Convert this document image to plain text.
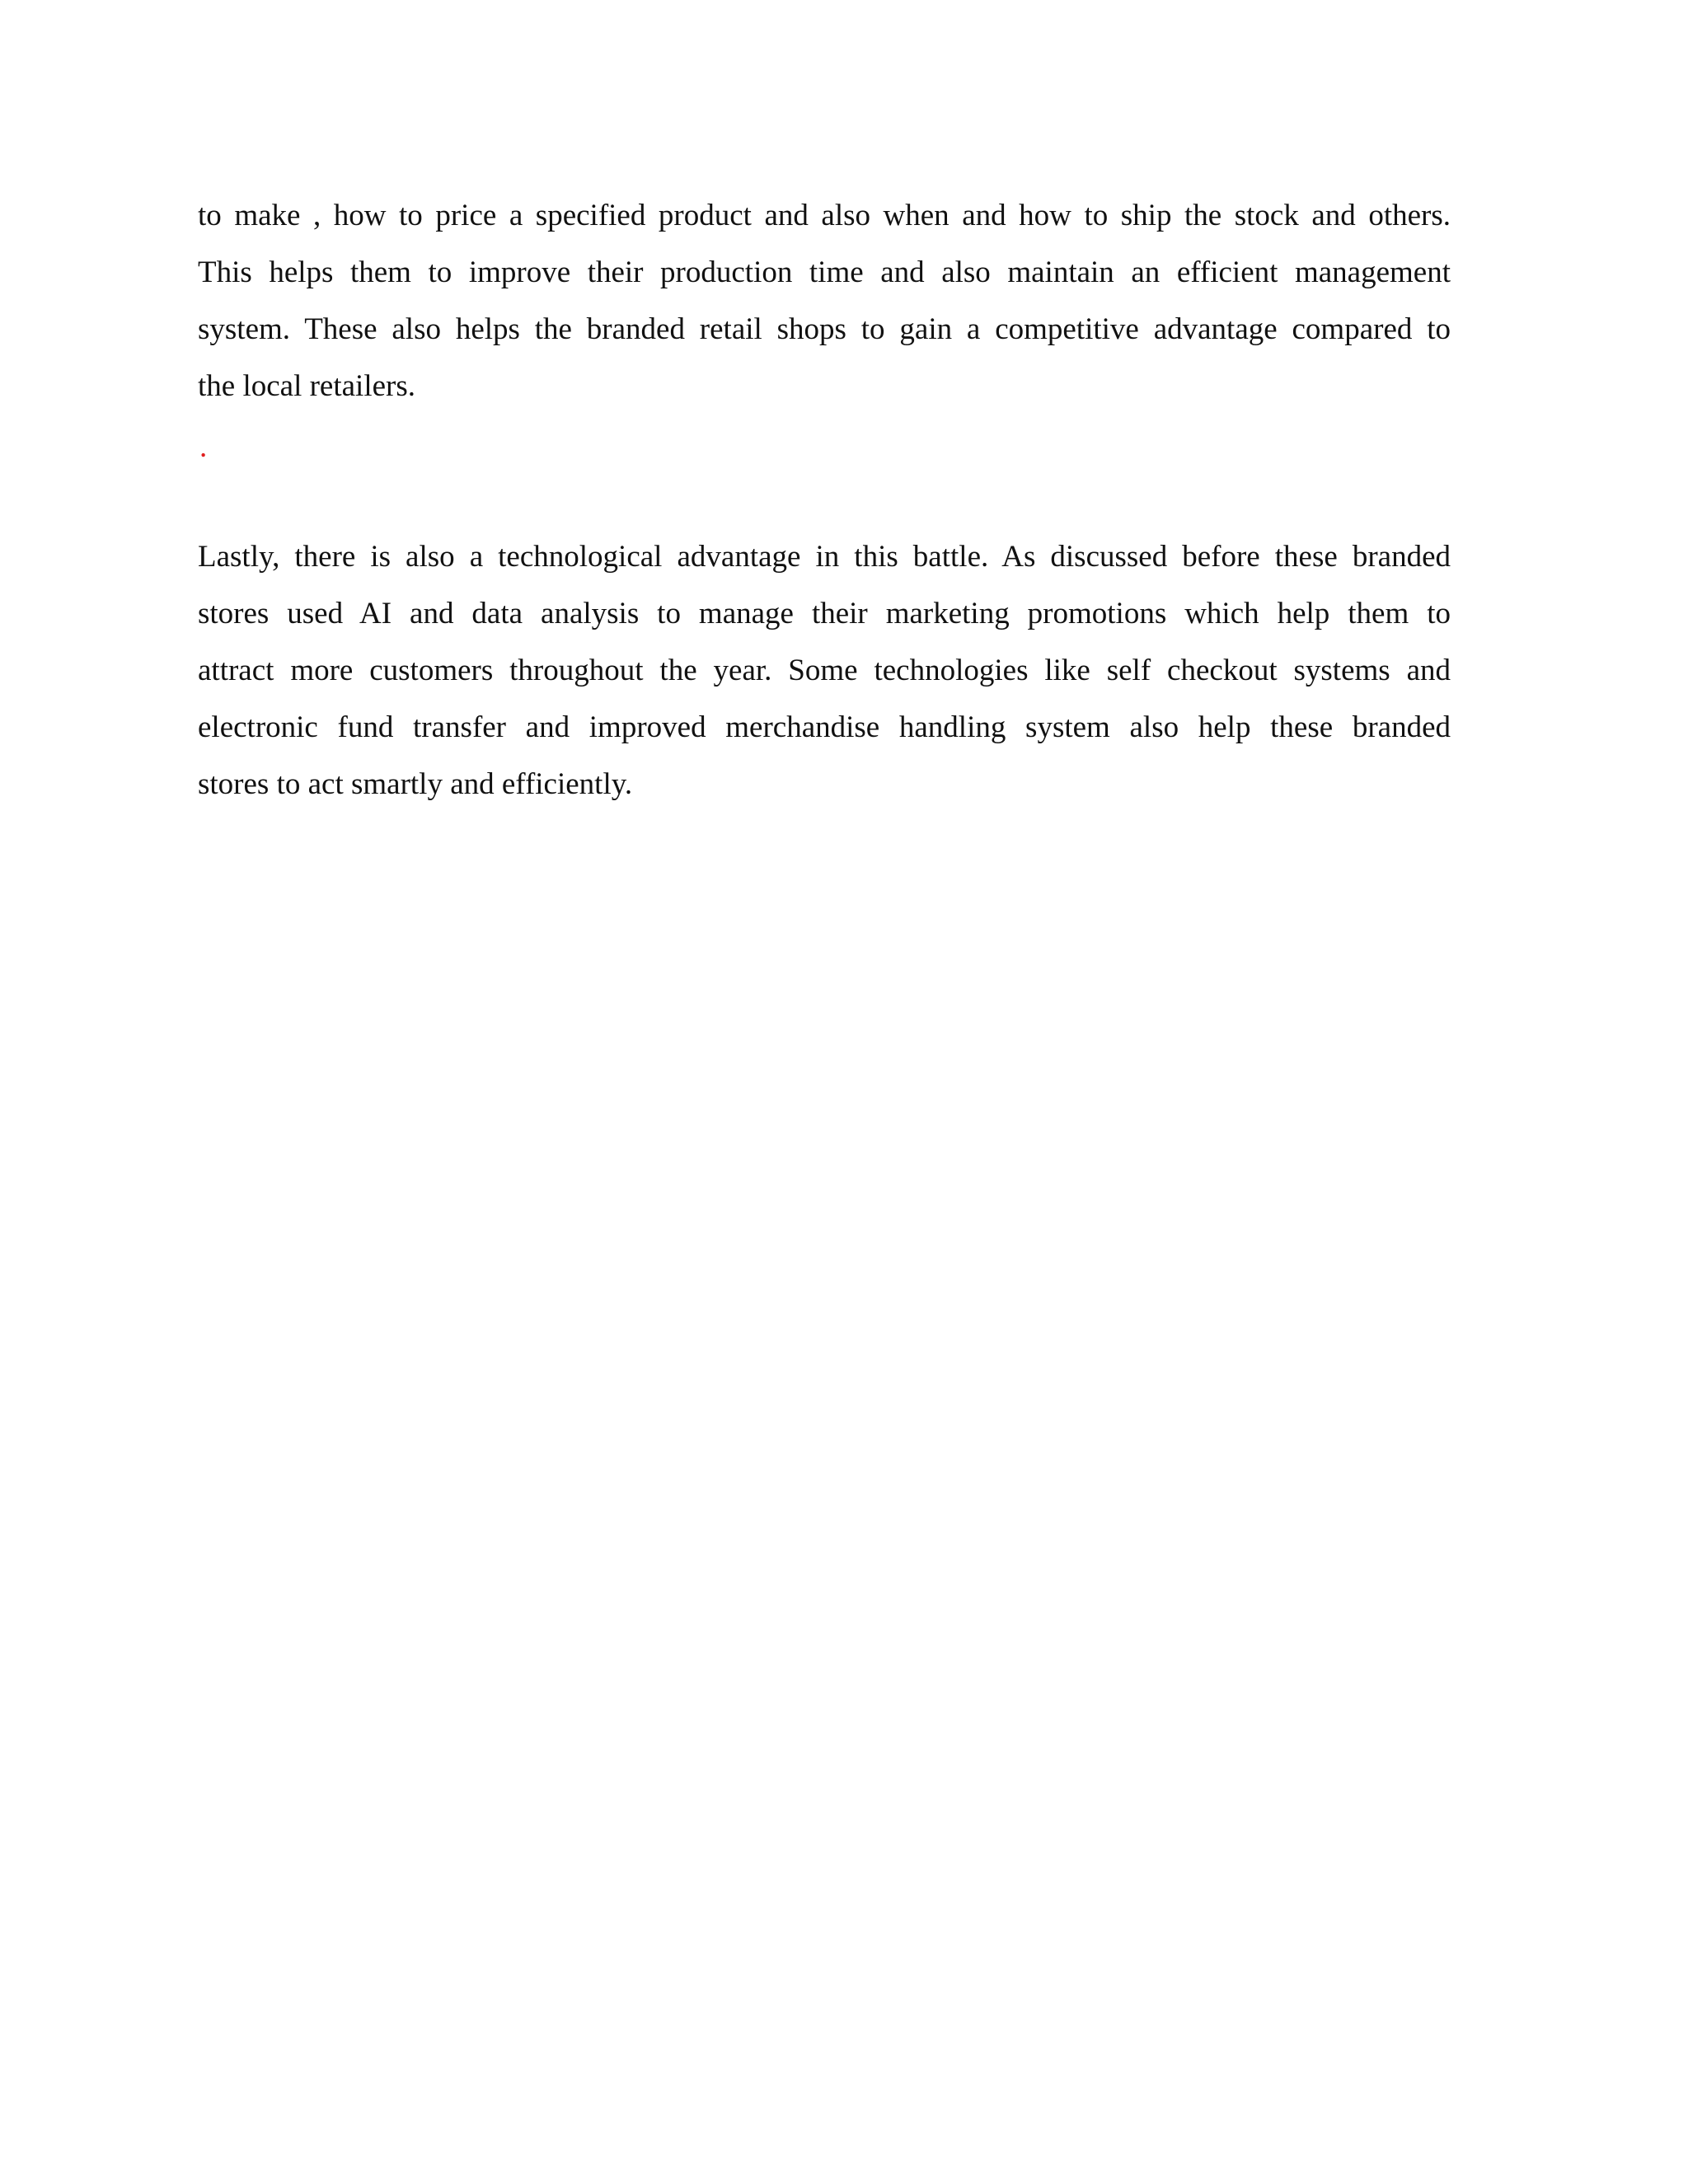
to make , how to price a specified product and also when and how to ship the stock and others.
This helps them to improve their production time and also maintain an efficient management
system. These also helps the branded retail shops to gain a competitive advantage compared to
the local retailers.
.
Lastly, there is also a technological advantage in this battle. As discussed before these branded
stores used AI and data analysis to manage their marketing promotions which help them to
attract more customers throughout the year. Some technologies like self checkout systems and
electronic fund transfer and improved merchandise handling system also help these branded
stores to act smartly and efficiently.
